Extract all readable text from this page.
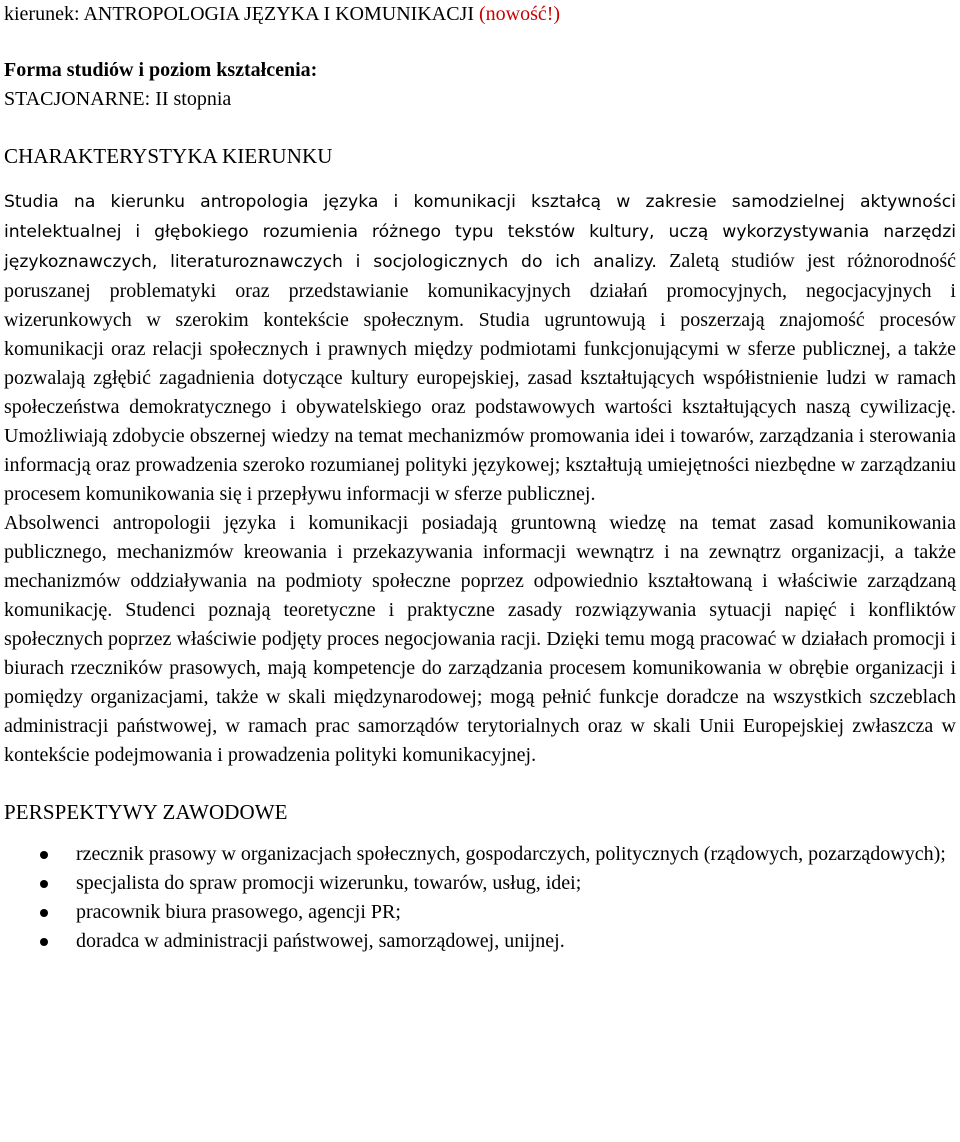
kierunek: ANTROPOLOGIA JĘZYKA I KOMUNIKACJI (nowość!)

Forma studiów i poziom kształcenia:

STACJONARNE: II stopnia

CHARAKTERYSTYKA KIERUNKU

Studia na kierunku antropologia języka i komunikacji kształcą w zakresie samodzielnej aktywności intelektualnej i głębokiego rozumienia różnego typu tekstów kultury, uczą wykorzystywania narzędzi językoznawczych, literaturoznawczych i socjologicznych do ich analizy. Zaletą studiów jest różnorodność poruszanej problematyki oraz przedstawianie komunikacyjnych działań promocyjnych, negocjacyjnych i wizerunkowych w szerokim kontekście społecznym. Studia ugruntowują i poszerzają znajomość procesów komunikacji oraz relacji społecznych i prawnych między podmiotami funkcjonującymi w sferze publicznej, a także pozwalają zgłębić zagadnienia dotyczące kultury europejskiej, zasad kształtujących współistnienie ludzi w ramach społeczeństwa demokratycznego i obywatelskiego oraz podstawowych wartości kształtujących naszą cywilizację. Umożliwiają zdobycie obszernej wiedzy na temat mechanizmów promowania idei i towarów, zarządzania i sterowania informacją oraz prowadzenia szeroko rozumianej polityki językowej; kształtują umiejętności niezbędne w zarządzaniu procesem komunikowania się i przepływu informacji w sferze publicznej.

Absolwenci antropologii języka i komunikacji posiadają gruntowną wiedzę na temat zasad komunikowania publicznego, mechanizmów kreowania i przekazywania informacji wewnątrz i na zewnątrz organizacji, a także mechanizmów oddziaływania na podmioty społeczne poprzez odpowiednio kształtowaną i właściwie zarządzaną komunikację. Studenci poznają teoretyczne i praktyczne zasady rozwiązywania sytuacji napięć i konfliktów społecznych poprzez właściwie podjęty proces negocjowania racji. Dzięki temu mogą pracować w działach promocji i biurach rzeczników prasowych, mają kompetencje do zarządzania procesem komunikowania w obrębie organizacji i pomiędzy organizacjami, także w skali międzynarodowej; mogą pełnić funkcje doradcze na wszystkich szczeblach administracji państwowej, w ramach prac samorządów terytorialnych oraz w skali Unii Europejskiej zwłaszcza w kontekście podejmowania i prowadzenia polityki komunikacyjnej.

PERSPEKTYWY ZAWODOWE
rzecznik prasowy w organizacjach społecznych, gospodarczych, politycznych (rządowych, pozarządowych);
specjalista do spraw promocji wizerunku, towarów, usług, idei;
pracownik biura prasowego, agencji PR;
doradca w administracji państwowej, samorządowej, unijnej.
